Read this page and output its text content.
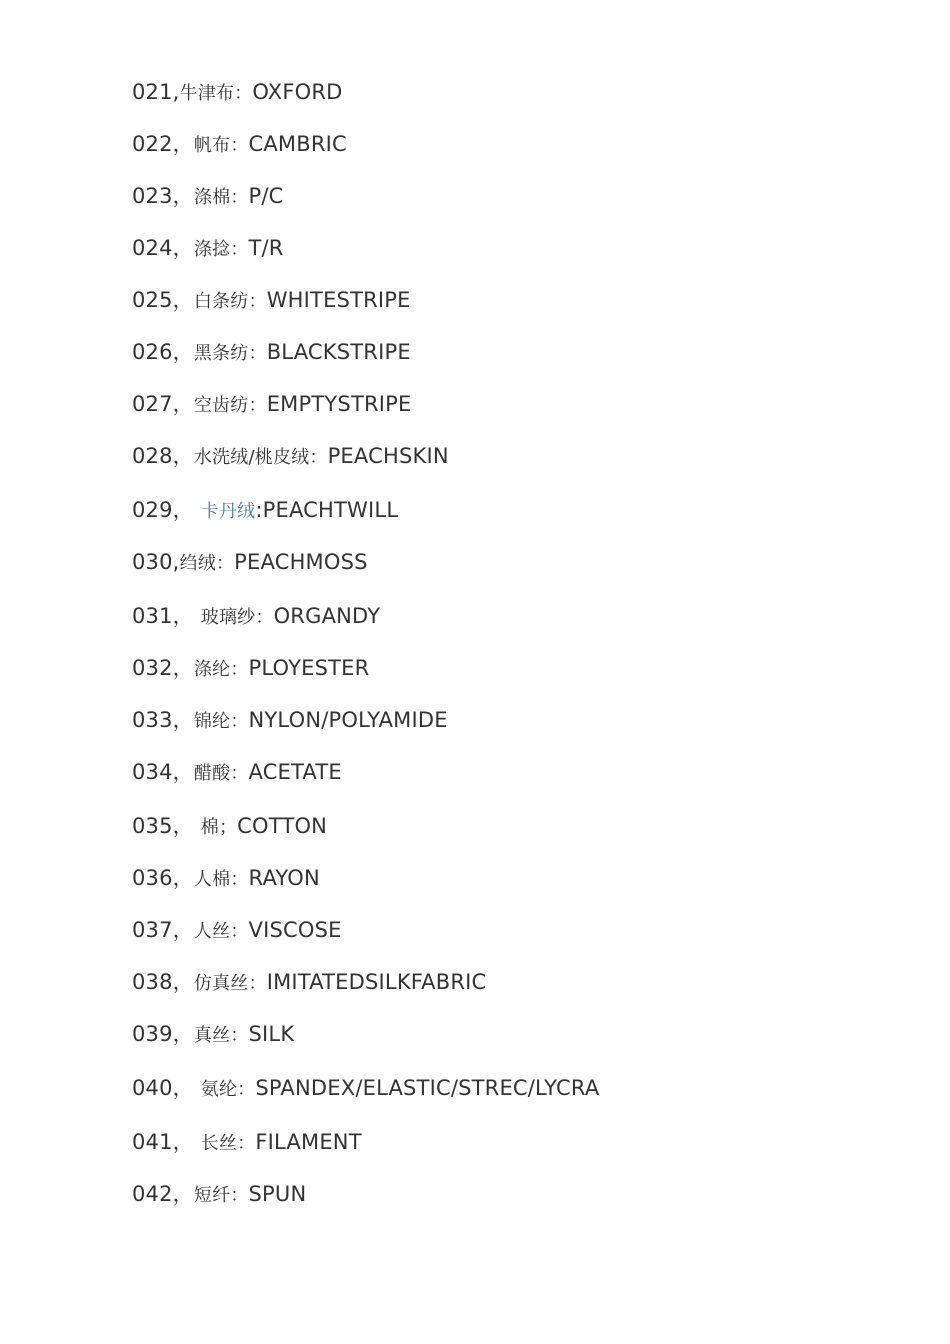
021,牛津布：OXFORD
022，帆布：CAMBRIC
023，涤棉：P/C
024，涤捻：T/R
025，白条纺：WHITESTRIPE
026，黑条纺：BLACKSTRIPE
027，空齿纺：EMPTYSTRIPE
028，水洗绒/桃皮绒：PEACHSKIN
029， 卡丹绒:PEACHTWILL
030,绉绒：PEACHMOSS
031， 玻璃纱：ORGANDY
032，涤纶：PLOYESTER
033，锦纶：NYLON/POLYAMIDE
034，醋酸：ACETATE
035， 棉；COTTON
036，人棉：RAYON
037，人丝：VISCOSE
038，仿真丝：IMITATEDSILKFABRIC
039，真丝：SILK
040， 氨纶：SPANDEX/ELASTIC/STREC/LYCRA
041， 长丝：FILAMENT
042，短纤：SPUN
